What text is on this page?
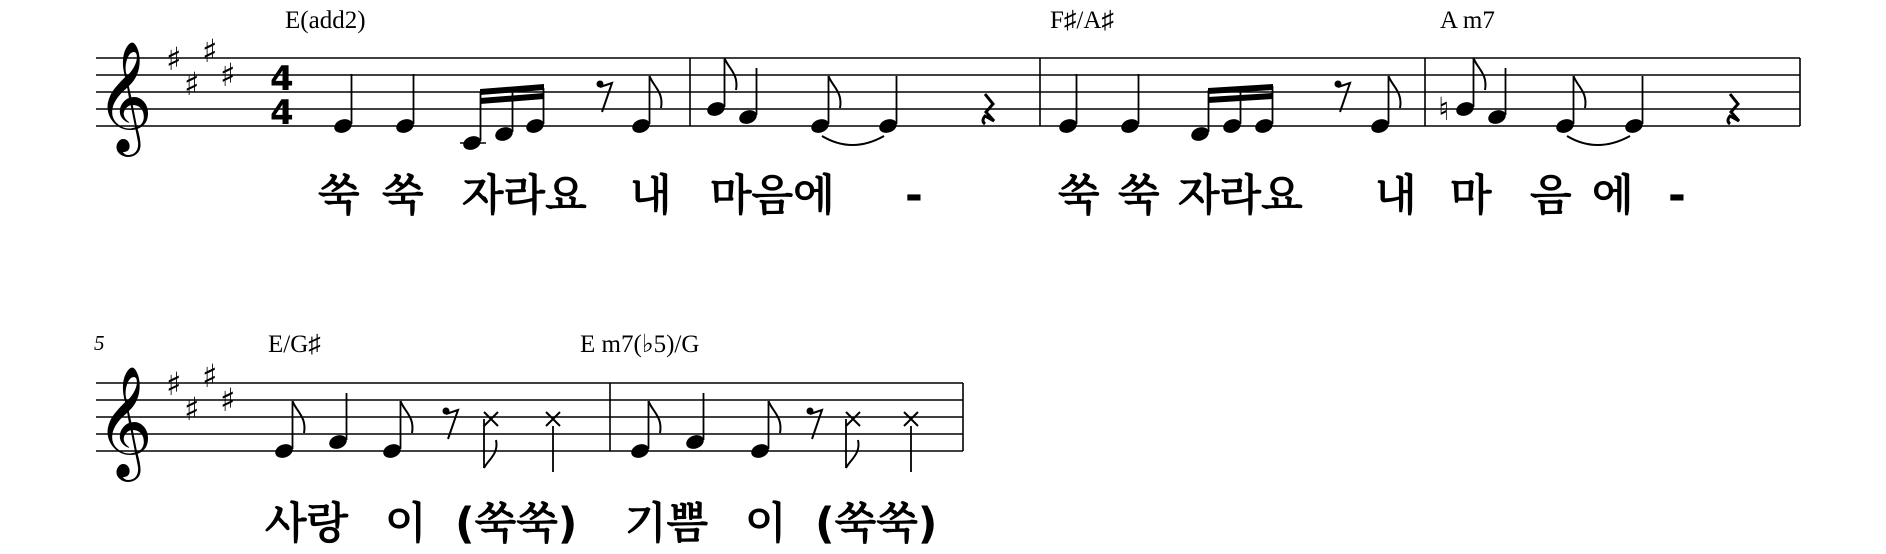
𝄞 ♯
♯
♯
♯ 4
4
E(add2)	F♯/A♯	A m7
♮
쑥 쑥 자라요 내 마음에 -	쑥 쑥 자라요 내 마 음 에 -
5
𝄞 ♯
♯
♯
♯
E/G♯	E m7(♭5)/G
사랑 이 (쑥쑥) 기쁨 이 (쑥쑥)
